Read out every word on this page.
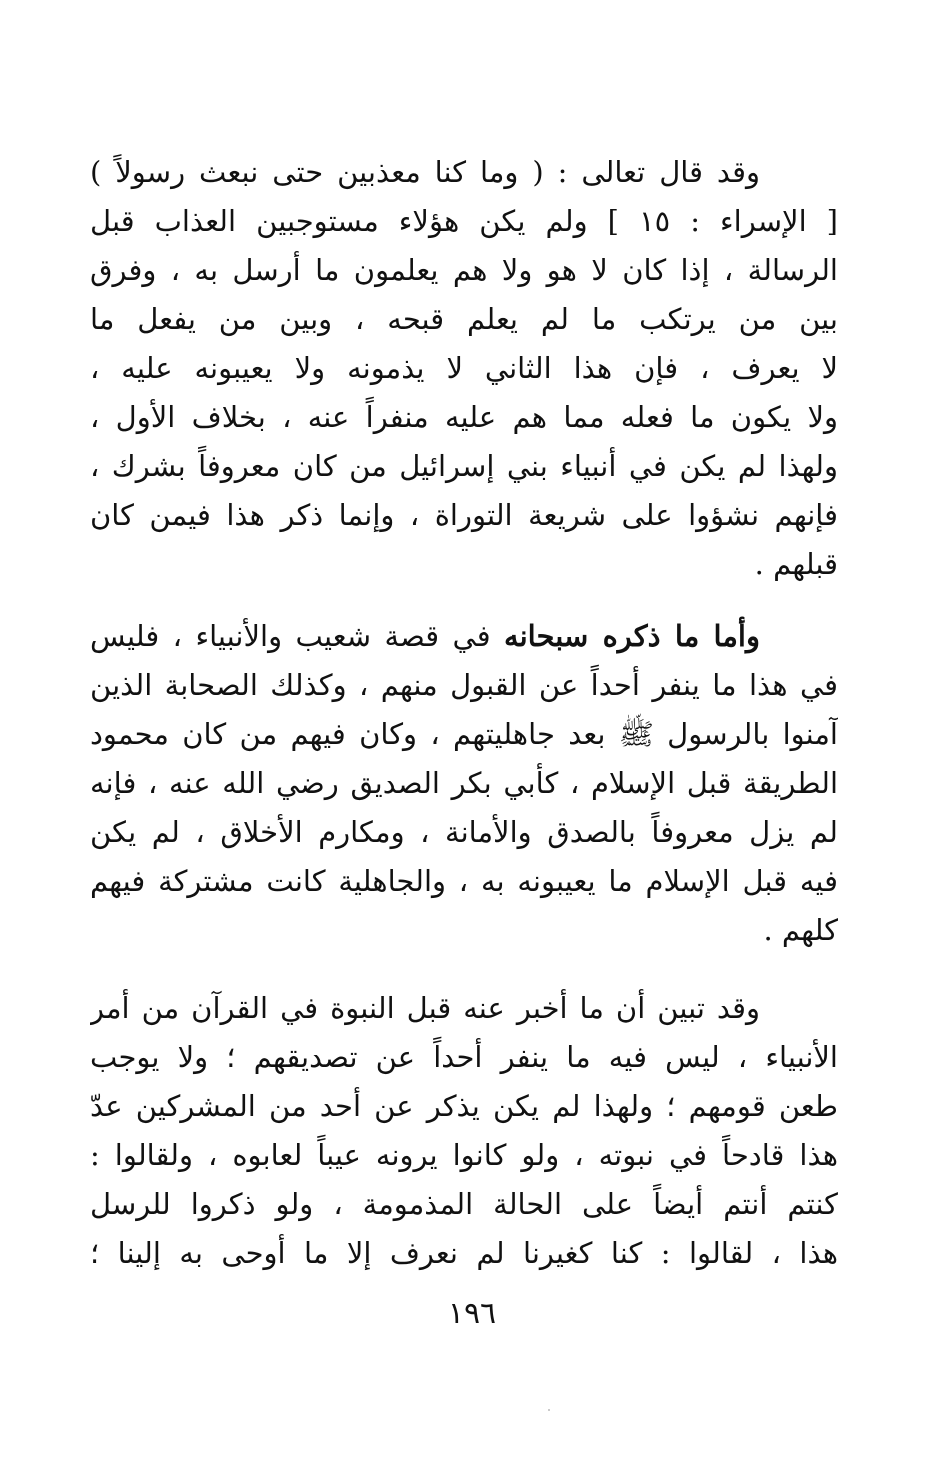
وقد قال تعالى : ( وما كنا معذبين حتى نبعث رسولاً )
[ الإسراء : ١٥ ] ولم يكن هؤلاء مستوجبين العذاب قبل
الرسالة ، إذا كان لا هو ولا هم يعلمون ما أرسل به ، وفرق
بين من يرتكب ما لم يعلم قبحه ، وبين من يفعل ما
لا يعرف ، فإن هذا الثاني لا يذمونه ولا يعيبونه عليه ،
ولا يكون ما فعله مما هم عليه منفراً عنه ، بخلاف الأول ،
ولهذا لم يكن في أنبياء بني إسرائيل من كان معروفاً بشرك ،
فإنهم نشؤوا على شريعة التوراة ، وإنما ذكر هذا فيمن كان
قبلهم .
وأما ما ذكره سبحانه في قصة شعيب والأنبياء ، فليس
في هذا ما ينفر أحداً عن القبول منهم ، وكذلك الصحابة الذين
آمنوا بالرسول ﷺ بعد جاهليتهم ، وكان فيهم من كان محمود
الطريقة قبل الإسلام ، كأبي بكر الصديق رضي الله عنه ، فإنه
لم يزل معروفاً بالصدق والأمانة ، ومكارم الأخلاق ، لم يكن
فيه قبل الإسلام ما يعيبونه به ، والجاهلية كانت مشتركة فيهم
كلهم .
وقد تبين أن ما أخبر عنه قبل النبوة في القرآن من أمر
الأنبياء ، ليس فيه ما ينفر أحداً عن تصديقهم ؛ ولا يوجب
طعن قومهم ؛ ولهذا لم يكن يذكر عن أحد من المشركين عدّ
هذا قادحاً في نبوته ، ولو كانوا يرونه عيباً لعابوه ، ولقالوا :
كنتم أنتم أيضاً على الحالة المذمومة ، ولو ذكروا للرسل
هذا ، لقالوا : كنا كغيرنا لم نعرف إلا ما أوحى به إلينا ؛
١٩٦
